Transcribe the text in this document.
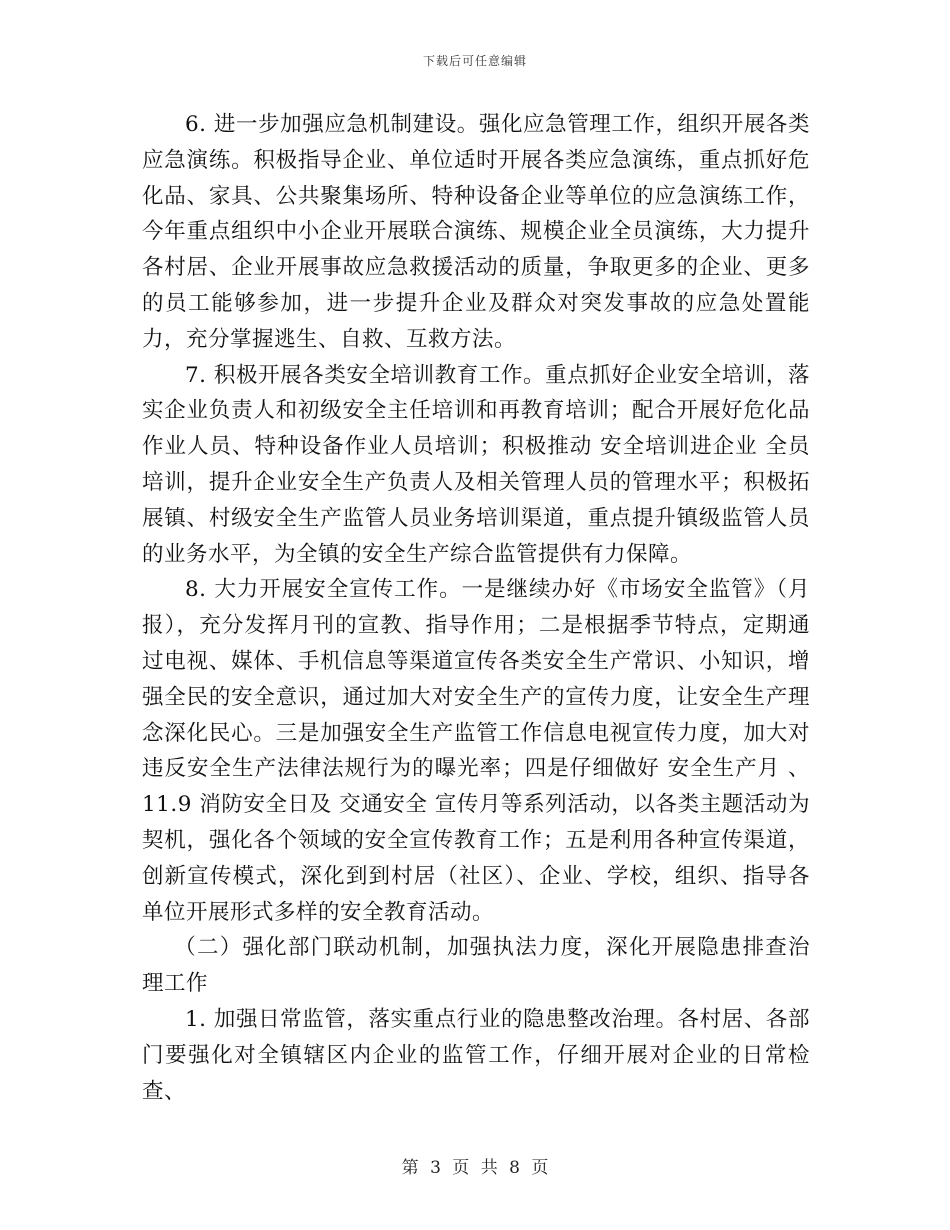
下载后可任意编辑

6. 进一步加强应急机制建设。强化应急管理工作，组织开展各类应急演练。积极指导企业、单位适时开展各类应急演练，重点抓好危化品、家具、公共聚集场所、特种设备企业等单位的应急演练工作，今年重点组织中小企业开展联合演练、规模企业全员演练，大力提升各村居、企业开展事故应急救援活动的质量，争取更多的企业、更多的员工能够参加，进一步提升企业及群众对突发事故的应急处置能力，充分掌握逃生、自救、互救方法。

7. 积极开展各类安全培训教育工作。重点抓好企业安全培训，落实企业负责人和初级安全主任培训和再教育培训；配合开展好危化品作业人员、特种设备作业人员培训；积极推动 安全培训进企业 全员培训，提升企业安全生产负责人及相关管理人员的管理水平；积极拓展镇、村级安全生产监管人员业务培训渠道，重点提升镇级监管人员的业务水平，为全镇的安全生产综合监管提供有力保障。

8. 大力开展安全宣传工作。一是继续办好《市场安全监管》（月报），充分发挥月刊的宣教、指导作用；二是根据季节特点，定期通过电视、媒体、手机信息等渠道宣传各类安全生产常识、小知识，增强全民的安全意识，通过加大对安全生产的宣传力度，让安全生产理念深化民心。三是加强安全生产监管工作信息电视宣传力度，加大对违反安全生产法律法规行为的曝光率；四是仔细做好 安全生产月 、11.9 消防安全日及 交通安全 宣传月等系列活动，以各类主题活动为契机，强化各个领域的安全宣传教育工作；五是利用各种宣传渠道，创新宣传模式，深化到到村居（社区）、企业、学校，组织、指导各单位开展形式多样的安全教育活动。

（二）强化部门联动机制，加强执法力度，深化开展隐患排查治理工作

1. 加强日常监管，落实重点行业的隐患整改治理。各村居、各部门要强化对全镇辖区内企业的监管工作，仔细开展对企业的日常检查、

第 3 页 共 8 页
